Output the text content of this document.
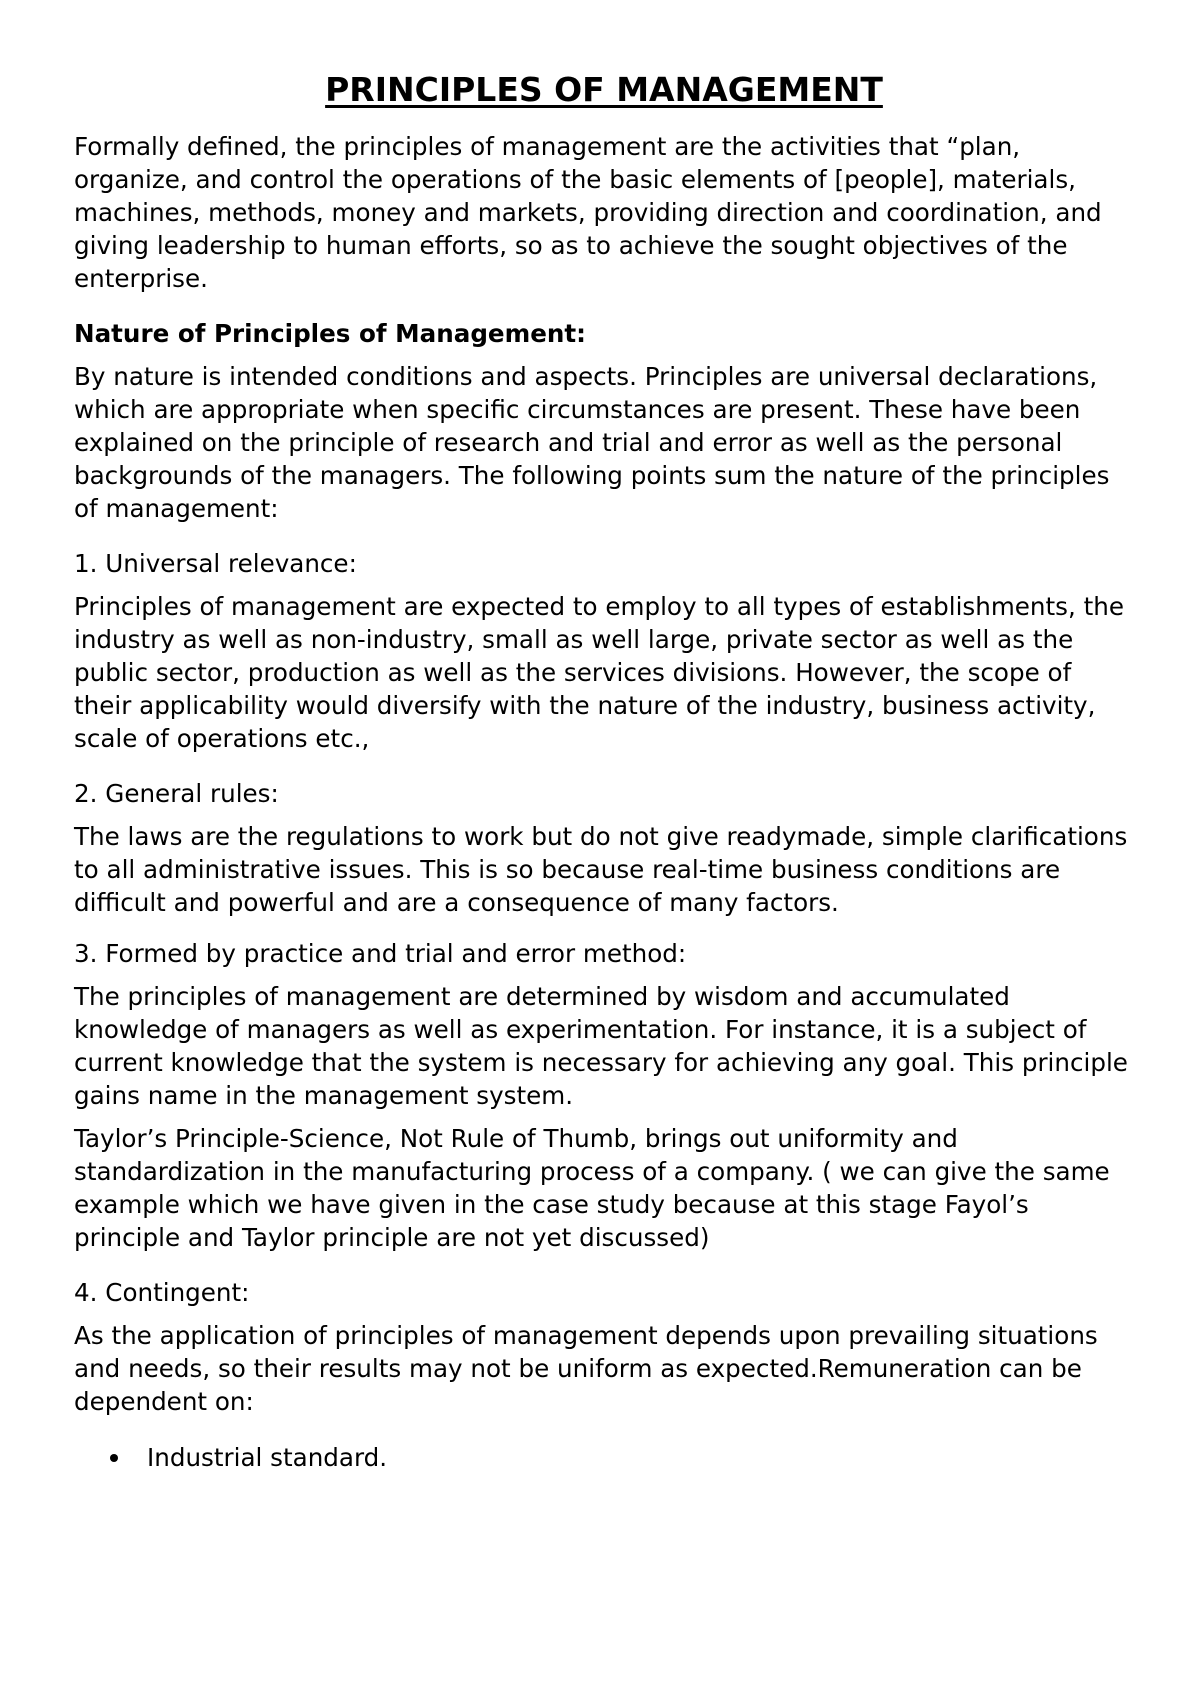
PRINCIPLES OF MANAGEMENT

Formally defined, the principles of management are the activities that “plan, organize, and control the operations of the basic elements of [people], materials, machines, methods, money and markets, providing direction and coordination, and giving leadership to human efforts, so as to achieve the sought objectives of the enterprise.

Nature of Principles of Management:

By nature is intended conditions and aspects. Principles are universal declarations, which are appropriate when specific circumstances are present. These have been explained on the principle of research and trial and error as well as the personal backgrounds of the managers. The following points sum the nature of the principles of management:

1. Universal relevance:

Principles of management are expected to employ to all types of establishments, the industry as well as non-industry, small as well large, private sector as well as the public sector, production as well as the services divisions. However, the scope of their applicability would diversify with the nature of the industry, business activity, scale of operations etc.,

2. General rules:

The laws are the regulations to work but do not give readymade, simple clarifications to all administrative issues. This is so because real-time business conditions are difficult and powerful and are a consequence of many factors.

3. Formed by practice and trial and error method:

The principles of management are determined by wisdom and accumulated knowledge of managers as well as experimentation. For instance, it is a subject of current knowledge that the system is necessary for achieving any goal. This principle gains name in the management system.

Taylor’s Principle-Science, Not Rule of Thumb, brings out uniformity and standardization in the manufacturing process of a company. ( we can give the same example which we have given in the case study because at this stage Fayol’s principle and Taylor principle are not yet discussed)

4. Contingent:

As the application of principles of management depends upon prevailing situations and needs, so their results may not be uniform as expected.Remuneration can be dependent on:

Industrial standard.
